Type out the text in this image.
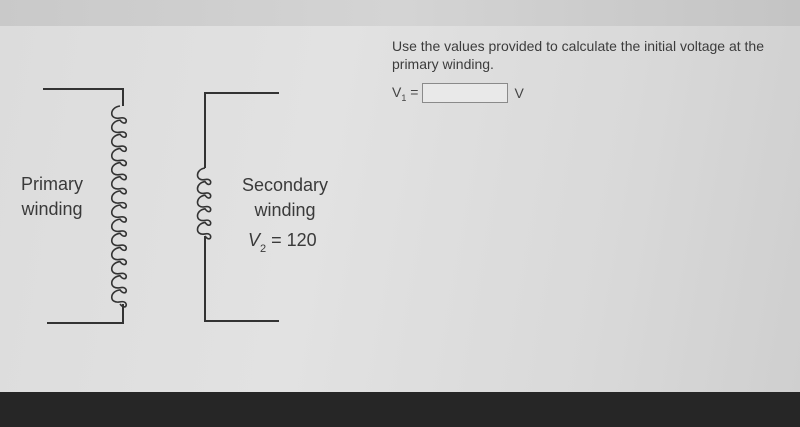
Primary
winding
Secondary
winding
$V_2 = 120$
Use the values provided to calculate the initial voltage at the primary winding.
$V_1$ =	V
